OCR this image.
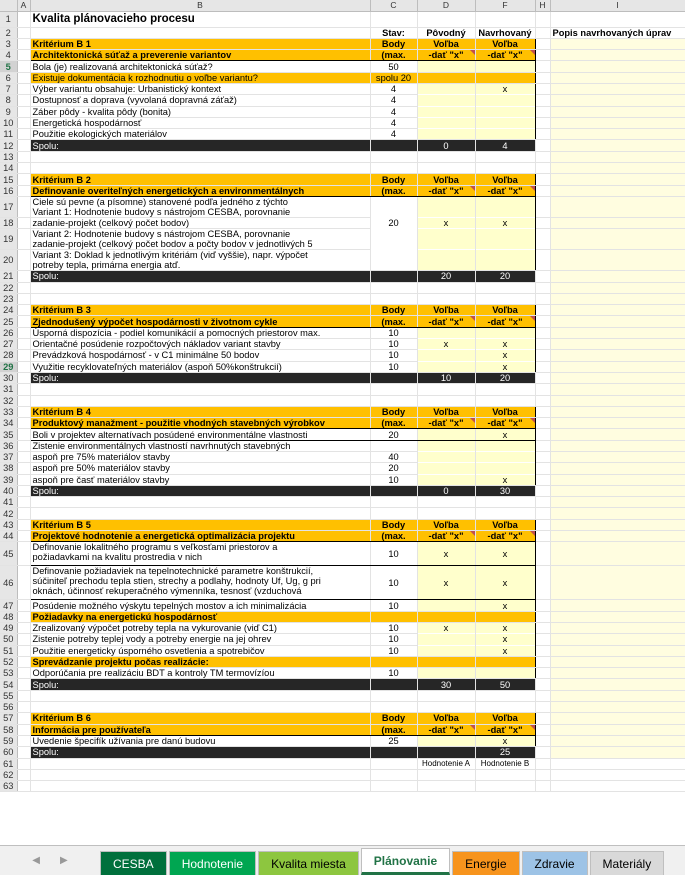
	A	B	C	D	F	H	I
1		Kvalita plánovacieho procesu					
2			Stav:	Pôvodný	Navrhovaný		Popis navrhovaných úprav
3		Kritérium B 1	Body	Voľba	Voľba		
4		Architektonická súťaž a preverenie variantov	(max.	-dať "x"	-dať "x"		
5		Bola (je) realizovaná architektonická súťaž?	50				
6		Existuje dokumentácia k rozhodnutiu o voľbe variantu?	spolu 20				
7		Výber variantu obsahuje: Urbanistický kontext	4		x		
8		Dostupnosť a doprava (vyvolaná dopravná záťaž)	4				
9		Záber pôdy - kvalita pôdy (bonita)	4				
10		Energetická hospodárnosť	4				
11		Použitie ekologických materiálov	4				
12		Spolu:		0	4		
13							
14							
15		Kritérium B 2	Body	Voľba	Voľba		
16		Definovanie overiteľných energetických a environmentálnych	(max.	-dať "x"	-dať "x"		
17		Ciele sú pevne (a písomne) stanovené podľa jedného z týchto
Variant 1: Hodnotenie budovy s nástrojom CESBA, porovnanie					

18		zadanie-projekt (celkový počet bodov)	20	x	x		
19		Variant 2: Hodnotenie budovy s nástrojom CESBA, porovnanie
zadanie-projekt (celkový počet bodov a počty bodov v jednotlivých 5					

20		Variant 3: Doklad k jednotlivým kritériám (viď vyššie), napr. výpočet
potreby tepla, primárna energia atď.					

21		Spolu:		20	20		
22							
23							
24		Kritérium B 3	Body	Voľba	Voľba		
25		Zjednodušený výpočet hospodárnosti v životnom cykle	(max.	-dať "x"	-dať "x"		
26		Úsporná dispozícia - podiel komunikácií a pomocných priestorov max.	10				
27		Orientačné posúdenie rozpočtových nákladov variant stavby	10	x	x		
28		Prevádzková hospodárnosť - v C1 minimálne 50 bodov	10		x		
29		Využitie recyklovateľných materiálov (aspoň 50%konštrukcií)	10		x		
30		Spolu:		10	20		
31							
32							
33		Kritérium B 4	Body	Voľba	Voľba		
34		Produktový manažment - použitie vhodných stavebných výrobkov	(max.	-dať "x"	-dať "x"		
35		Boli v projektev alternatívach posúdené environmentálne vlastnosti	20		x		
36		Zistenie environmentálnych vlastností navrhnutých stavebných					
37		aspoň pre 75% materiálov stavby	40				
38		aspoň pre 50% materiálov stavby	20				
39		aspoň pre časť materiálov stavby	10		x		
40		Spolu:		0	30		
41							
42							
43		Kritérium B 5	Body	Voľba	Voľba		
44		Projektové hodnotenie a energetická optimalizácia projektu	(max.	-dať "x"	-dať "x"		
45		Definovanie lokalitného programu s veľkosťami priestorov a
požiadavkami na kvalitu prostredia v nich	10	x	x		
46		Definovanie požiadaviek na tepelnotechnické parametre konštrukcií,
súčiniteľ prechodu tepla stien, strechy a podlahy, hodnoty Uf, Ug, g pri
oknách, účinnosť rekuperačného výmenníka, tesnosť (vzduchová	10	x	x		
47		Posúdenie možného výskytu tepelných mostov a ich minimalizácia	10		x		
48		Požiadavky na energetickú hospodárnosť					
49		Zrealizovaný výpočet potreby tepla na vykurovanie (viď C1)	10	x	x		
50		Zistenie potreby teplej vody a potreby energie na jej ohrev	10		x		
51		Použitie energeticky úsporného osvetlenia a spotrebičov	10		x		
52		Sprevádzanie projektu počas realizácie:					
53		Odporúčania pre realizáciu BDT a kontroly TM termovízíou	10				
54		Spolu:		30	50		
55							
56							
57		Kritérium B 6	Body	Voľba	Voľba		
58		Informácia pre používateľa	(max.	-dať "x"	-dať "x"		
59		Uvedenie špecifík užívania pre danú budovu	25		x		
60		Spolu:			25		
61				Hodnotenie A	Hodnotenie B		
62							
63							
◀ ▶	CESBA	Hodnotenie	Kvalita miesta	Plánovanie	Energie	Zdravie	Materiály
